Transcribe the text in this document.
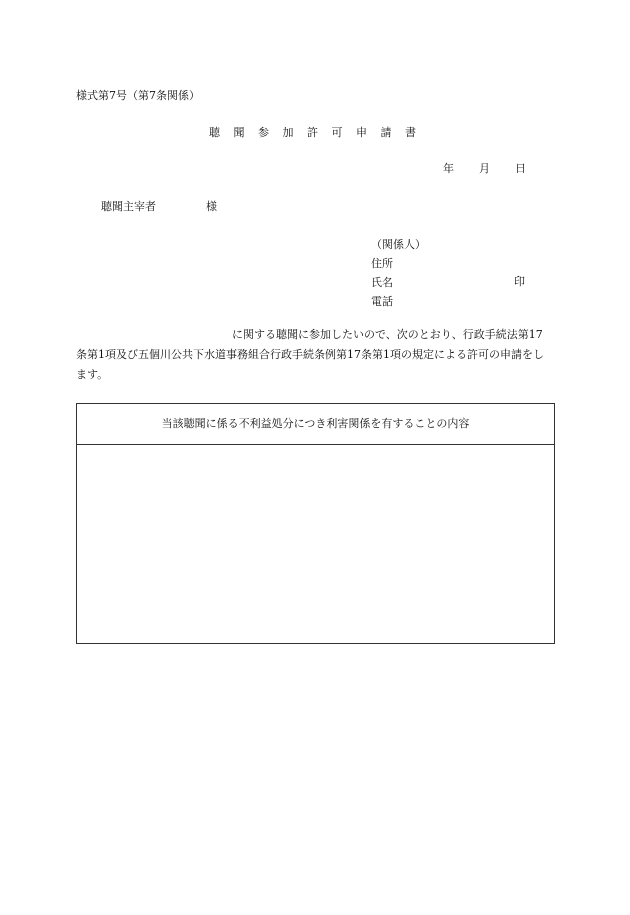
様式第7号（第7条関係）
聴 聞 参 加 許 可 申 請 書
年 月 日
聴聞主宰者	様
（関係人）
住所
氏名
電話
印
に関する聴聞に参加したいので、次のとおり、行政手続法第17条第1項及び五個川公共下水道事務組合行政手続条例第17条第1項の規定による許可の申請をします。
当該聴聞に係る不利益処分につき利害関係を有することの内容
